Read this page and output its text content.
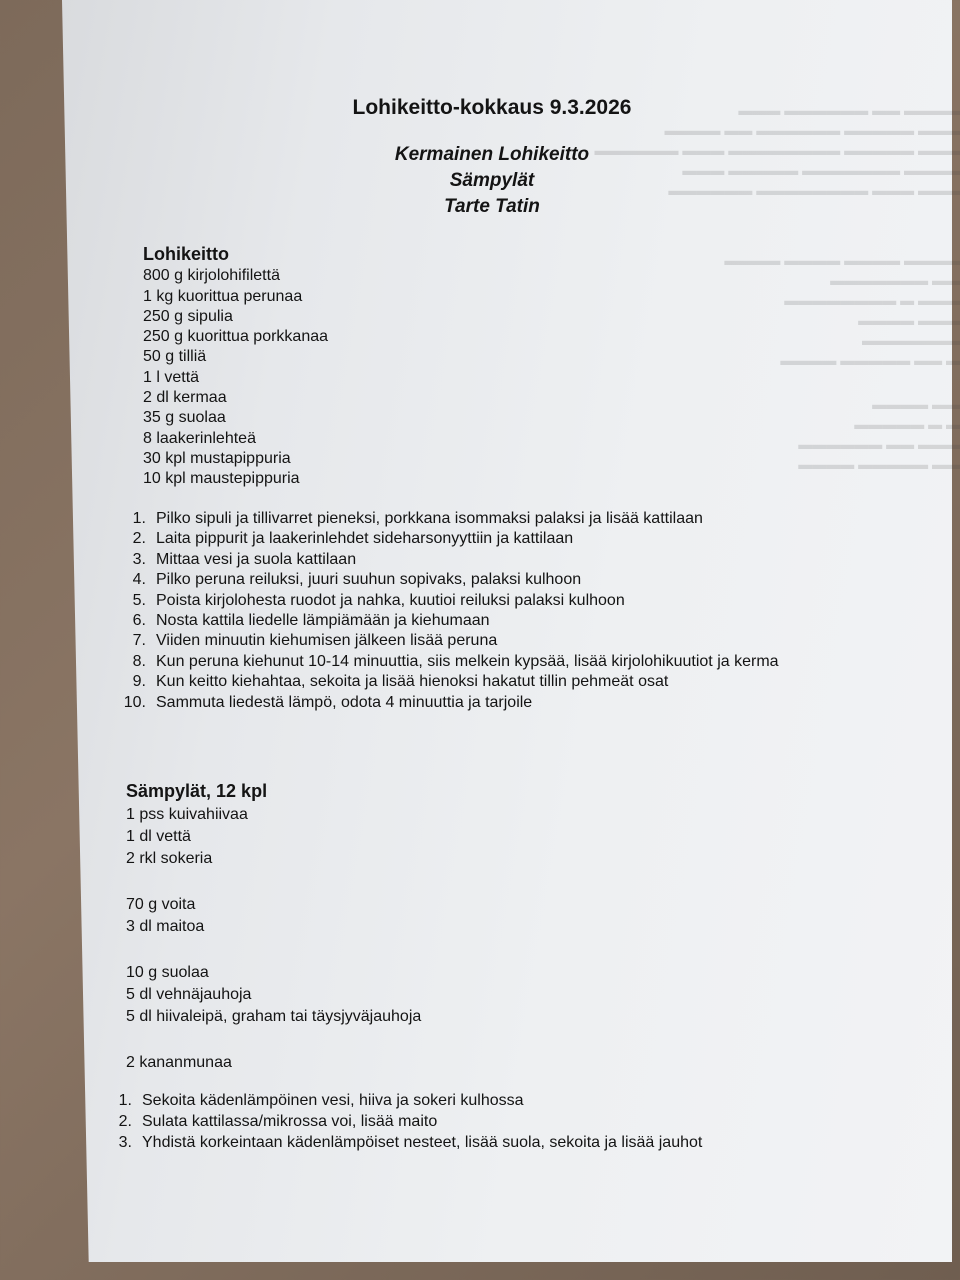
▬
▬
Lohikeitto-kokkaus 9.3.2026
Kermainen Lohikeitto
Sämpylät
Tarte Tatin
Lohikeitto
800 g kirjolohifilettä
1 kg kuorittua perunaa
250 g sipulia
250 g kuorittua porkkanaa
50 g tilliä
1 l vettä
2 dl kermaa
35 g suolaa
8 laakerinlehteä
30 kpl mustapippuria
10 kpl maustepippuria
1. Pilko sipuli ja tillivarret pieneksi, porkkana isommaksi palaksi ja lisää kattilaan
2. Laita pippurit ja laakerinlehdet sideharsonyyttiin ja kattilaan
3. Mittaa vesi ja suola kattilaan
4. Pilko peruna reiluksi, juuri suuhun sopivaks, palaksi kulhoon
5. Poista kirjolohesta ruodot ja nahka, kuutioi reiluksi palaksi kulhoon
6. Nosta kattila liedelle lämpiämään ja kiehumaan
7. Viiden minuutin kiehumisen jälkeen lisää peruna
8. Kun peruna kiehunut 10-14 minuuttia, siis melkein kypsää, lisää kirjolohikuutiot ja kerma
9. Kun keitto kiehahtaa, sekoita ja lisää hienoksi hakatut tillin pehmeät osat
10. Sammuta liedestä lämpö, odota 4 minuuttia ja tarjoile
Sämpylät, 12 kpl
1 pss kuivahiivaa
1 dl vettä
2 rkl sokeria
70 g voita
3 dl maitoa
10 g suolaa
5 dl vehnäjauhoja
5 dl hiivaleipä, graham tai täysjyväjauhoja
2 kananmunaa
1. Sekoita kädenlämpöinen vesi, hiiva ja sokeri kulhossa
2. Sulata kattilassa/mikrossa voi, lisää maito
3. Yhdistä korkeintaan kädenlämpöiset nesteet, lisää suola, sekoita ja lisää jauhot
